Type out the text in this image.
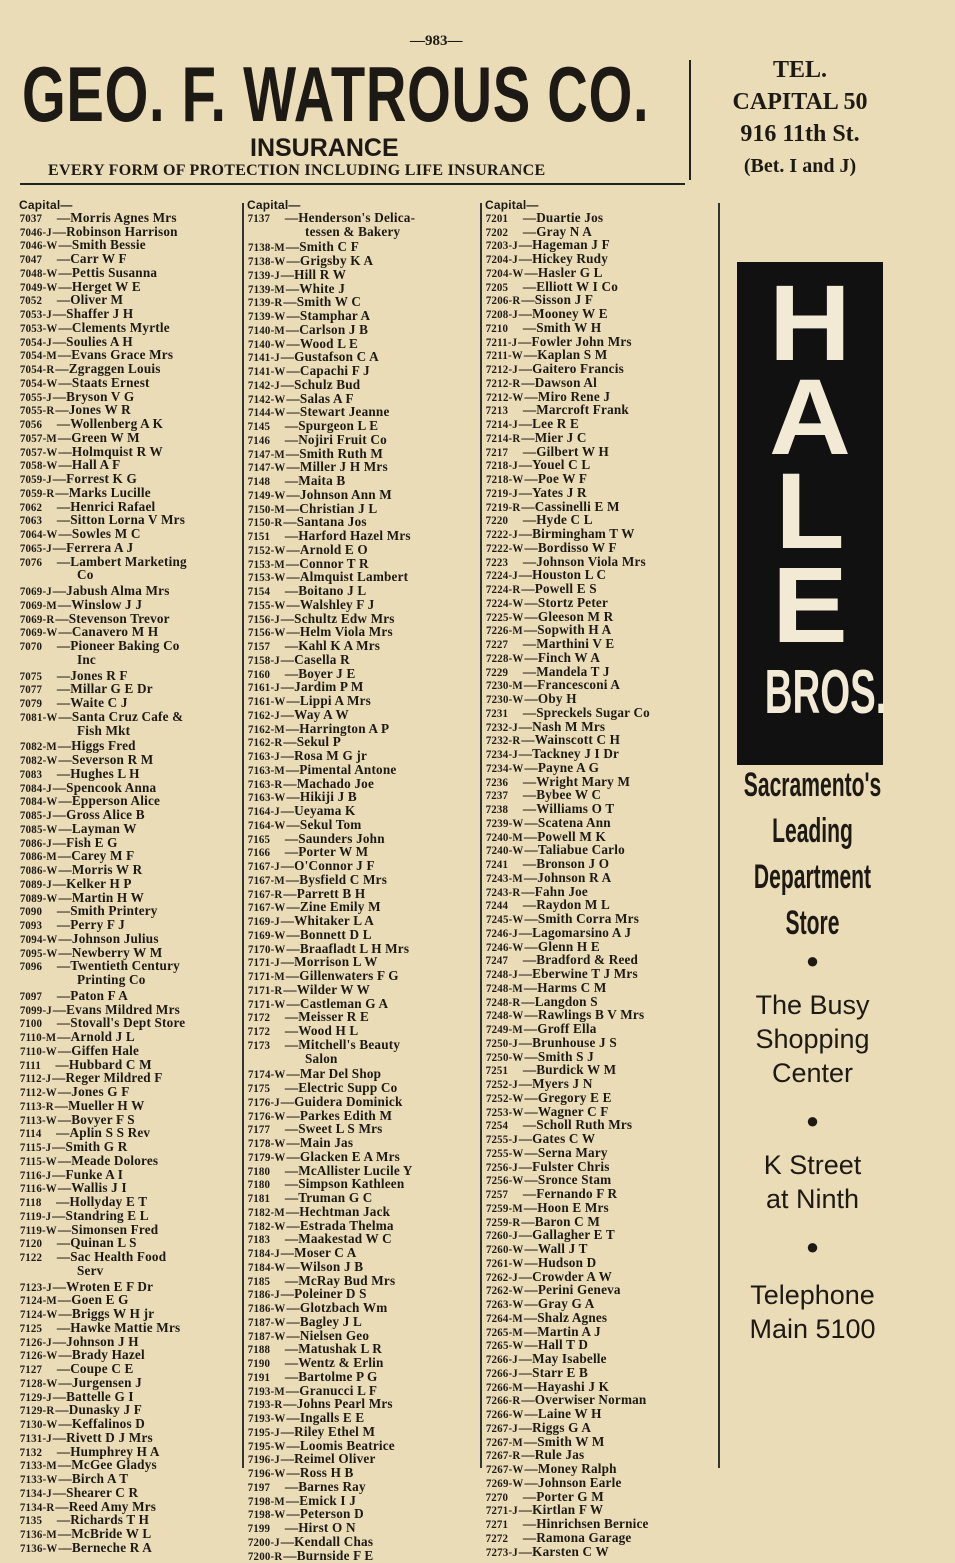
—983—
GEO. F. WATROUS CO.
INSURANCE
EVERY FORM OF PROTECTION INCLUDING LIFE INSURANCE
TEL.
CAPITAL 50
916 11th St.
(Bet. I and J)
Capital—
7037 —Morris Agnes Mrs
7046-J—Robinson Harrison
7046-W—Smith Bessie
7047 —Carr W F
7048-W—Pettis Susanna
7049-W—Herget W E
7052 —Oliver M
7053-J—Shaffer J H
7053-W—Clements Myrtle
7054-J—Soulies A H
7054-M—Evans Grace Mrs
7054-R—Zgraggen Louis
7054-W—Staats Ernest
7055-J—Bryson V G
7055-R—Jones W R
7056 —Wollenberg A K
7057-M—Green W M
7057-W—Holmquist R W
7058-W—Hall A F
7059-J—Forrest K G
7059-R—Marks Lucille
7062 —Henrici Rafael
7063 —Sitton Lorna V Mrs
7064-W—Sowles M C
7065-J—Ferrera A J
7076 —Lambert Marketing
Co
7069-J—Jabush Alma Mrs
7069-M—Winslow J J
7069-R—Stevenson Trevor
7069-W—Canavero M H
7070 —Pioneer Baking Co
Inc
7075 —Jones R F
7077 —Millar G E Dr
7079 —Waite C J
7081-W—Santa Cruz Cafe &
Fish Mkt
7082-M—Higgs Fred
7082-W—Severson R M
7083 —Hughes L H
7084-J—Spencook Anna
7084-W—Epperson Alice
7085-J—Gross Alice B
7085-W—Layman W
7086-J—Fish E G
7086-M—Carey M F
7086-W—Morris W R
7089-J—Kelker H P
7089-W—Martin H W
7090 —Smith Printery
7093 —Perry F J
7094-W—Johnson Julius
7095-W—Newberry W M
7096 —Twentieth Century
Printing Co
7097 —Paton F A
7099-J—Evans Mildred Mrs
7100 —Stovall's Dept Store
7110-M—Arnold J L
7110-W—Giffen Hale
7111 —Hubbard C M
7112-J—Reger Mildred F
7112-W—Jones G F
7113-R—Mueller H W
7113-W—Bovyer F S
7114 —Aplin S S Rev
7115-J—Smith G R
7115-W—Meade Dolores
7116-J—Funke A I
7116-W—Wallis J I
7118 —Hollyday E T
7119-J—Standring E L
7119-W—Simonsen Fred
7120 —Quinan L S
7122 —Sac Health Food
Serv
7123-J—Wroten E F Dr
7124-M—Goen E G
7124-W—Briggs W H jr
7125 —Hawke Mattie Mrs
7126-J—Johnson J H
7126-W—Brady Hazel
7127 —Coupe C E
7128-W—Jurgensen J
7129-J—Battelle G I
7129-R—Dunasky J F
7130-W—Keffalinos D
7131-J—Rivett D J Mrs
7132 —Humphrey H A
7133-M—McGee Gladys
7133-W—Birch A T
7134-J—Shearer C R
7134-R—Reed Amy Mrs
7135 —Richards T H
7136-M—McBride W L
7136-W—Berneche R A
Capital—
7137 —Henderson's Delica-
tessen & Bakery
7138-M—Smith C F
7138-W—Grigsby K A
7139-J—Hill R W
7139-M—White J
7139-R—Smith W C
7139-W—Stamphar A
7140-M—Carlson J B
7140-W—Wood L E
7141-J—Gustafson C A
7141-W—Capachi F J
7142-J—Schulz Bud
7142-W—Salas A F
7144-W—Stewart Jeanne
7145 —Spurgeon L E
7146 —Nojiri Fruit Co
7147-M—Smith Ruth M
7147-W—Miller J H Mrs
7148 —Maita B
7149-W—Johnson Ann M
7150-M—Christian J L
7150-R—Santana Jos
7151 —Harford Hazel Mrs
7152-W—Arnold E O
7153-M—Connor T R
7153-W—Almquist Lambert
7154 —Boitano J L
7155-W—Walshley F J
7156-J—Schultz Edw Mrs
7156-W—Helm Viola Mrs
7157 —Kahl K A Mrs
7158-J—Casella R
7160 —Boyer J E
7161-J—Jardim P M
7161-W—Lippi A Mrs
7162-J—Way A W
7162-M—Harrington A P
7162-R—Sekul P
7163-J—Rosa M G jr
7163-M—Pimental Antone
7163-R—Machado Joe
7163-W—Hikiji J B
7164-J—Ueyama K
7164-W—Sekul Tom
7165 —Saunders John
7166 —Porter W M
7167-J—O'Connor J F
7167-M—Bysfield C Mrs
7167-R—Parrett B H
7167-W—Zine Emily M
7169-J—Whitaker L A
7169-W—Bonnett D L
7170-W—Braafladt L H Mrs
7171-J—Morrison L W
7171-M—Gillenwaters F G
7171-R—Wilder W W
7171-W—Castleman G A
7172 —Meisser R E
7172 —Wood H L
7173 —Mitchell's Beauty
Salon
7174-W—Mar Del Shop
7175 —Electric Supp Co
7176-J—Guidera Dominick
7176-W—Parkes Edith M
7177 —Sweet L S Mrs
7178-W—Main Jas
7179-W—Glacken E A Mrs
7180 —McAllister Lucile Y
7180 —Simpson Kathleen
7181 —Truman G C
7182-M—Hechtman Jack
7182-W—Estrada Thelma
7183 —Maakestad W C
7184-J—Moser C A
7184-W—Wilson J B
7185 —McRay Bud Mrs
7186-J—Poleiner D S
7186-W—Glotzbach Wm
7187-W—Bagley J L
7187-W—Nielsen Geo
7188 —Matushak L R
7190 —Wentz & Erlin
7191 —Bartolme P G
7193-M—Granucci L F
7193-R—Johns Pearl Mrs
7193-W—Ingalls E E
7195-J—Riley Ethel M
7195-W—Loomis Beatrice
7196-J—Reimel Oliver
7196-W—Ross H B
7197 —Barnes Ray
7198-M—Emick I J
7198-W—Peterson D
7199 —Hirst O N
7200-J—Kendall Chas
7200-R—Burnside F E
Capital—
7201 —Duartie Jos
7202 —Gray N A
7203-J—Hageman J F
7204-J—Hickey Rudy
7204-W—Hasler G L
7205 —Elliott W I Co
7206-R—Sisson J F
7208-J—Mooney W E
7210 —Smith W H
7211-J—Fowler John Mrs
7211-W—Kaplan S M
7212-J—Gaitero Francis
7212-R—Dawson Al
7212-W—Miro Rene J
7213 —Marcroft Frank
7214-J—Lee R E
7214-R—Mier J C
7217 —Gilbert W H
7218-J—Youel C L
7218-W—Poe W F
7219-J—Yates J R
7219-R—Cassinelli E M
7220 —Hyde C L
7222-J—Birmingham T W
7222-W—Bordisso W F
7223 —Johnson Viola Mrs
7224-J—Houston L C
7224-R—Powell E S
7224-W—Stortz Peter
7225-W—Gleeson M R
7226-M—Sopwith H A
7227 —Marthini V E
7228-W—Finch W A
7229 —Mandela T J
7230-M—Francesconi A
7230-W—Oby H
7231 —Spreckels Sugar Co
7232-J—Nash M Mrs
7232-R—Wainscott C H
7234-J—Tackney J I Dr
7234-W—Payne A G
7236 —Wright Mary M
7237 —Bybee W C
7238 —Williams O T
7239-W—Scatena Ann
7240-M—Powell M K
7240-W—Taliabue Carlo
7241 —Bronson J O
7243-M—Johnson R A
7243-R—Fahn Joe
7244 —Raydon M L
7245-W—Smith Corra Mrs
7246-J—Lagomarsino A J
7246-W—Glenn H E
7247 —Bradford & Reed
7248-J—Eberwine T J Mrs
7248-M—Harms C M
7248-R—Langdon S
7248-W—Rawlings B V Mrs
7249-M—Groff Ella
7250-J—Brunhouse J S
7250-W—Smith S J
7251 —Burdick W M
7252-J—Myers J N
7252-W—Gregory E E
7253-W—Wagner C F
7254 —Scholl Ruth Mrs
7255-J—Gates C W
7255-W—Serna Mary
7256-J—Fulster Chris
7256-W—Sronce Stam
7257 —Fernando F R
7259-M—Hoon E Mrs
7259-R—Baron C M
7260-J—Gallagher E T
7260-W—Wall J T
7261-W—Hudson D
7262-J—Crowder A W
7262-W—Perini Geneva
7263-W—Gray G A
7264-M—Shalz Agnes
7265-M—Martin A J
7265-W—Hall T D
7266-J—May Isabelle
7266-J—Starr E B
7266-M—Hayashi J K
7266-R—Overwiser Norman
7266-W—Laine W H
7267-J—Riggs G A
7267-M—Smith W M
7267-R—Rule Jas
7267-W—Money Ralph
7269-W—Johnson Earle
7270 —Porter G M
7271-J—Kirtlan F W
7271 —Hinrichsen Bernice
7272 —Ramona Garage
7273-J—Karsten C W
H
A
L
E
BROS.
Sacramento's
Leading
Department
Store
●
The Busy
Shopping
Center
●
K Street
at Ninth
●
Telephone
Main 5100
